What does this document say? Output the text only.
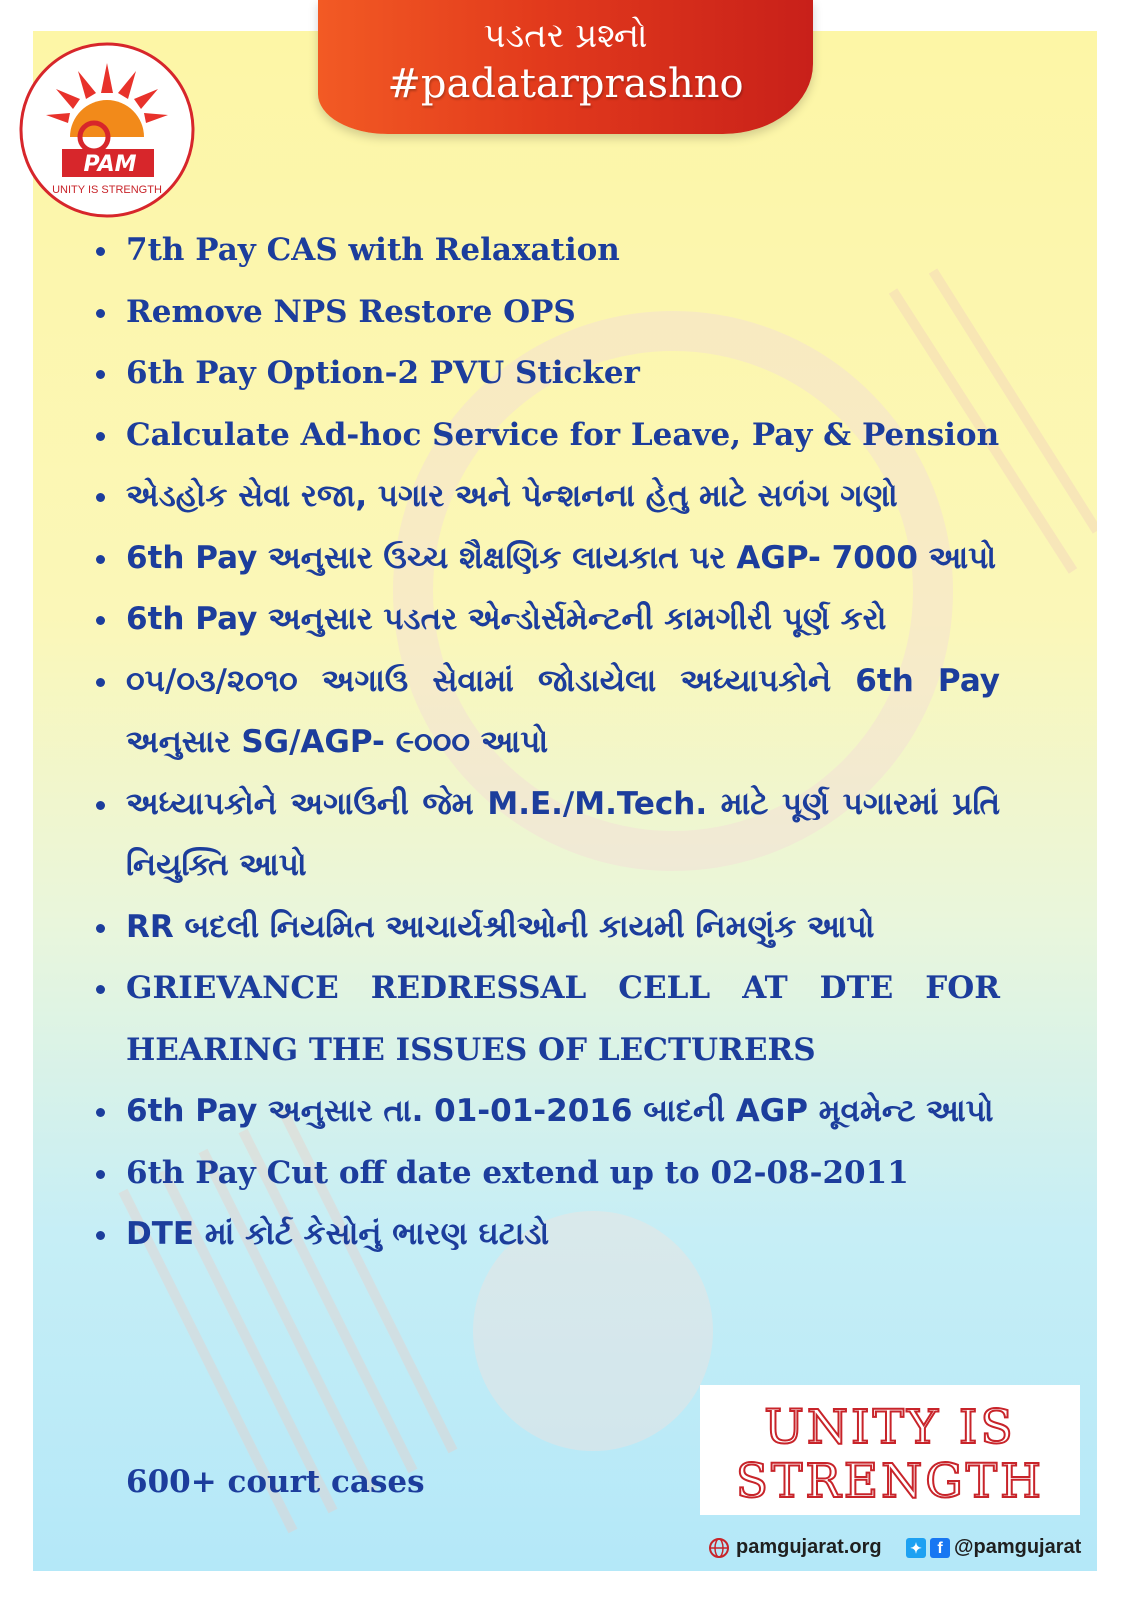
પડતર પ્રશ્નો
#padatarprashno
PAM
UNITY IS STRENGTH
7th Pay CAS with Relaxation
Remove NPS Restore OPS
6th Pay Option-2 PVU Sticker
Calculate Ad-hoc Service for Leave, Pay & Pension
એડહોક સેવા રજા, પગાર અને પેન્શનના હેતુ માટે સળંગ ગણો
6th Pay અનુસાર ઉચ્ચ શૈક્ષણિક લાયકાત પર AGP- 7000 આપો
6th Pay અનુસાર પડતર એન્ડોર્સમેન્ટની કામગીરી પૂર્ણ કરો
૦૫/૦૩/૨૦૧૦ અગાઉ સેવામાં જોડાયેલા અધ્યાપકોને 6th Pay અનુસાર SG/AGP- ૯૦૦૦ આપો
અધ્યાપકોને અગાઉની જેમ M.E./M.Tech. માટે પૂર્ણ પગારમાં પ્રતિ નિયુક્તિ આપો
RR બદલી નિયમિત આચાર્યશ્રીઓની કાયમી નિમણુંક આપો
GRIEVANCE REDRESSAL CELL AT DTE FOR HEARING THE ISSUES OF LECTURERS
6th Pay અનુસાર તા. 01-01-2016 બાદની AGP મૂવમેન્ટ આપો
6th Pay Cut off date extend up to 02-08-2011
DTE માં કોર્ટ કેસોનું ભારણ ઘટાડો
600+ court cases
UNITY IS
STRENGTH
pamgujarat.org ✦ f @pamgujarat
